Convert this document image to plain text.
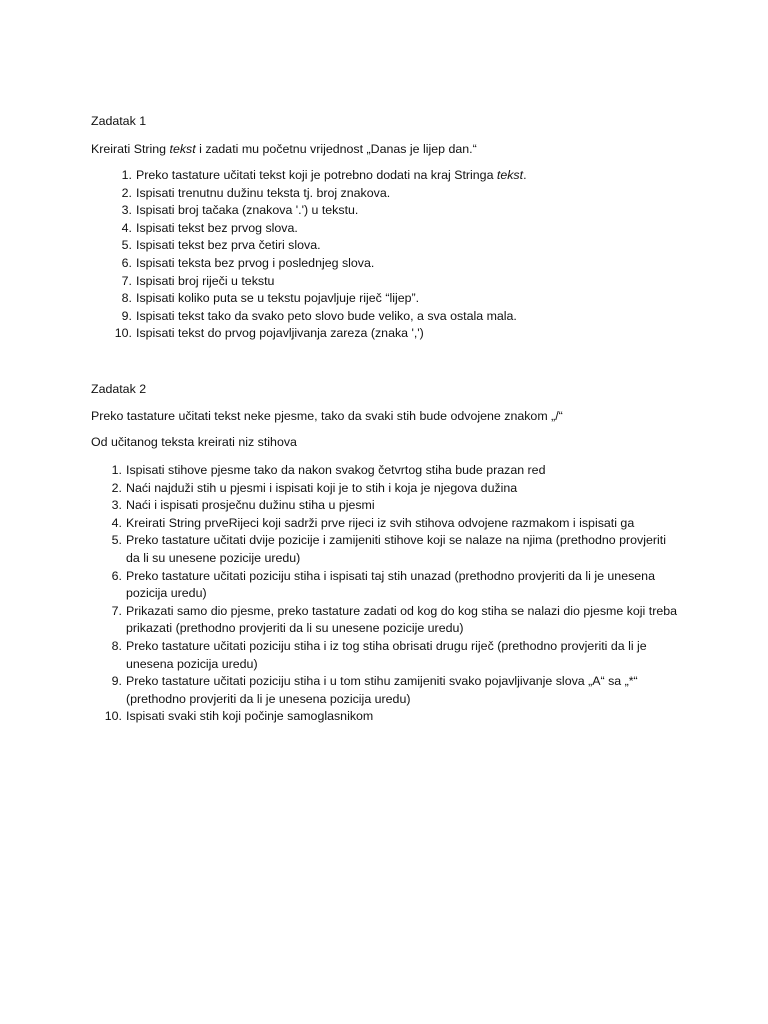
Zadatak 1

Kreirati String tekst i zadati mu početnu vrijednost „Danas je lijep dan.“

1. Preko tastature učitati tekst koji je potrebno dodati na kraj Stringa tekst.
2. Ispisati trenutnu dužinu teksta tj. broj znakova.
3. Ispisati broj tačaka (znakova '.') u tekstu.
4. Ispisati tekst bez prvog slova.
5. Ispisati tekst bez prva četiri slova.
6. Ispisati teksta bez prvog i poslednjeg slova.
7. Ispisati broj riječi u tekstu
8. Ispisati koliko puta se u tekstu pojavljuje riječ “lijep”.
9. Ispisati tekst tako da svako peto slovo bude veliko, a sva ostala mala.
10. Ispisati tekst do prvog pojavljivanja zareza (znaka ',')
Zadatak 2

Preko tastature učitati tekst neke pjesme, tako da svaki stih bude odvojene znakom „/“

Od učitanog teksta kreirati niz stihova

1. Ispisati stihove pjesme tako da nakon svakog četvrtog stiha bude prazan red
2. Naći najduži stih u pjesmi i ispisati koji je to stih i koja je njegova dužina
3. Naći i ispisati prosječnu dužinu stiha u pjesmi
4. Kreirati String prveRijeci koji sadrži prve rijeci iz svih stihova odvojene razmakom i ispisati ga
5. Preko tastature učitati dvije pozicije i zamijeniti stihove koji se nalaze na njima (prethodno provjeriti da li su unesene pozicije uredu)
6. Preko tastature učitati poziciju stiha i ispisati taj stih unazad (prethodno provjeriti da li je unesena pozicija uredu)
7. Prikazati samo dio pjesme, preko tastature zadati od kog do kog stiha se nalazi dio pjesme koji treba prikazati (prethodno provjeriti da li su unesene pozicije uredu)
8. Preko tastature učitati poziciju stiha i iz tog stiha obrisati drugu riječ (prethodno provjeriti da li je unesena pozicija uredu)
9. Preko tastature učitati poziciju stiha i u tom stihu zamijeniti svako pojavljivanje slova „A“ sa „*“ (prethodno provjeriti da li je unesena pozicija uredu)
10. Ispisati svaki stih koji počinje samoglasnikom
